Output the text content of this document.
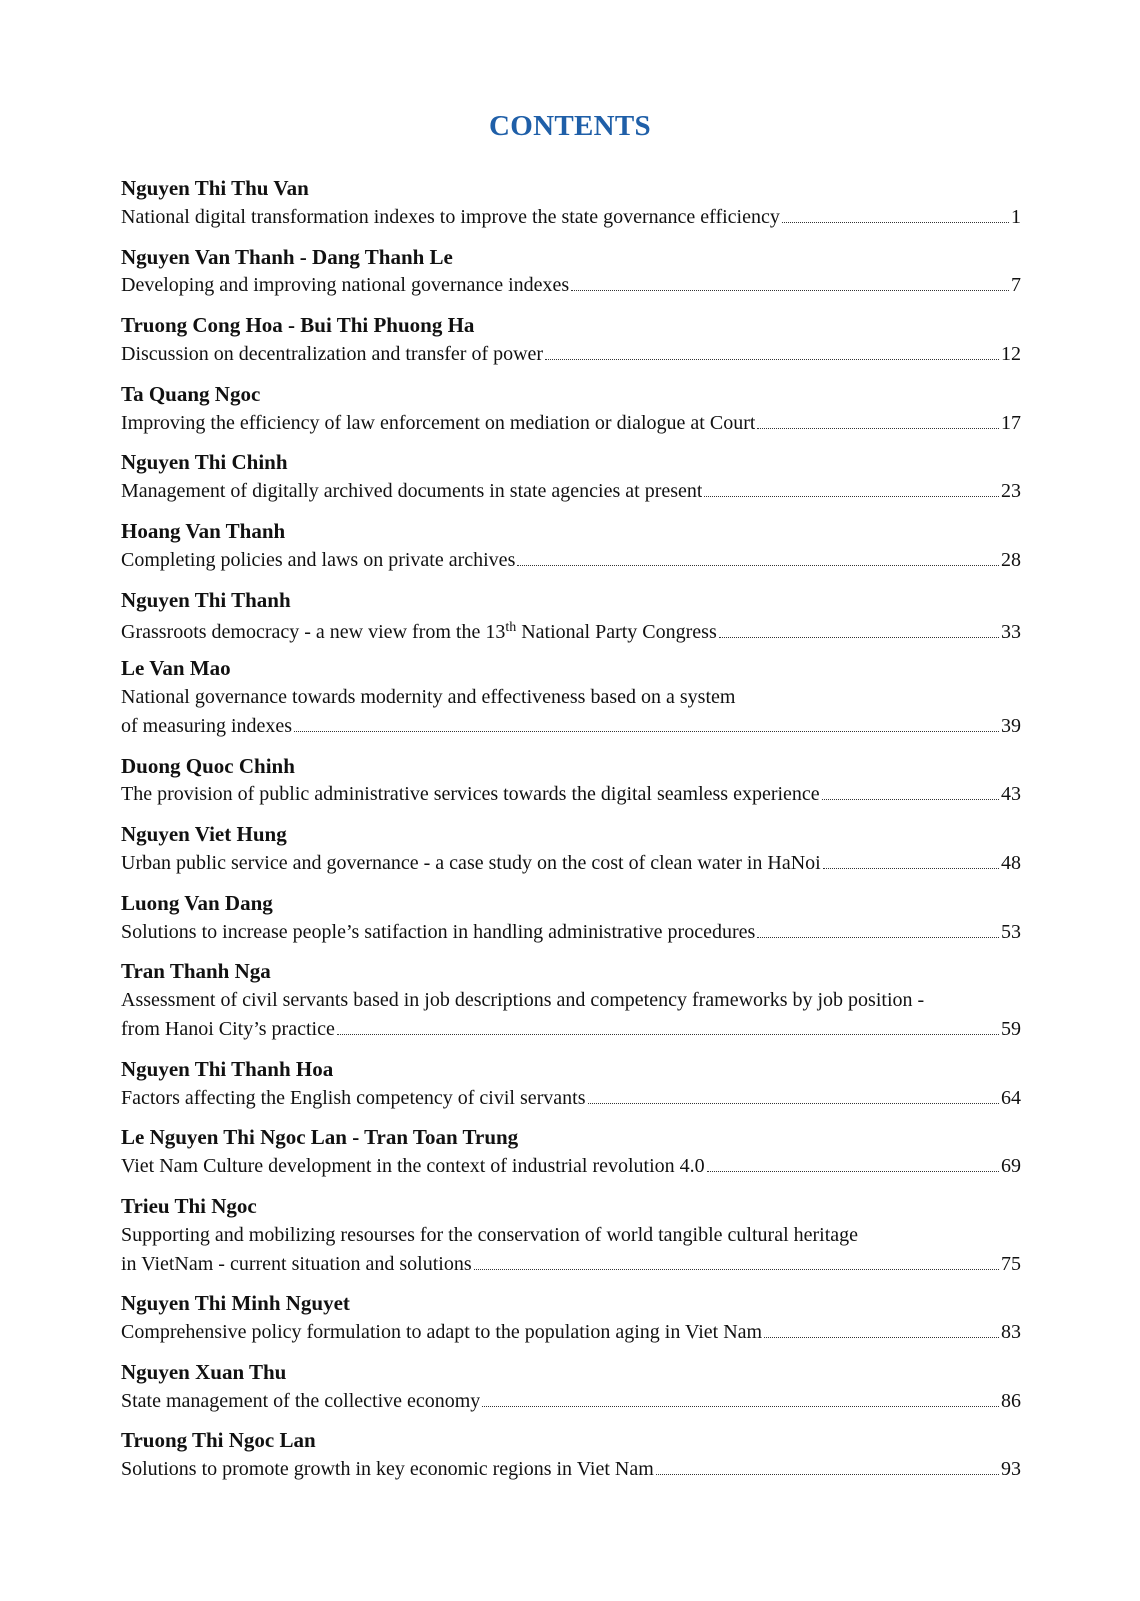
CONTENTS
Nguyen Thi Thu Van
National digital transformation indexes to improve the state governance efficiency	1
Nguyen Van Thanh - Dang Thanh Le
Developing and improving national governance indexes	7
Truong Cong Hoa - Bui Thi Phuong Ha
Discussion on decentralization and transfer of power	12
Ta Quang Ngoc
Improving the efficiency of law enforcement on mediation or dialogue at Court	17
Nguyen Thi Chinh
Management of digitally archived documents in state agencies at present	23
Hoang Van Thanh
Completing policies and laws on private archives	28
Nguyen Thi Thanh
Grassroots democracy - a new view from the 13th National Party Congress	33
Le Van Mao
National governance towards modernity and effectiveness based on a system
of measuring indexes	39
Duong Quoc Chinh
The provision of public administrative services towards the digital seamless experience	43
Nguyen Viet Hung
Urban public service and governance - a case study on the cost of clean water in HaNoi	48
Luong Van Dang
Solutions to increase people’s satifaction in handling administrative procedures	53
Tran Thanh Nga
Assessment of civil servants based in job descriptions and competency frameworks by job position -
from Hanoi City’s practice	59
Nguyen Thi Thanh Hoa
Factors affecting the English competency of civil servants	64
Le Nguyen Thi Ngoc Lan - Tran Toan Trung
Viet Nam Culture development in the context of industrial revolution 4.0	69
Trieu Thi Ngoc
Supporting and mobilizing resourses for the conservation of world tangible cultural heritage
in VietNam - current situation and solutions	75
Nguyen Thi Minh Nguyet
Comprehensive policy formulation to adapt to the population aging in Viet Nam	83
Nguyen Xuan Thu
State management of the collective economy	86
Truong Thi Ngoc Lan
Solutions to promote growth in key economic regions in Viet Nam	93
